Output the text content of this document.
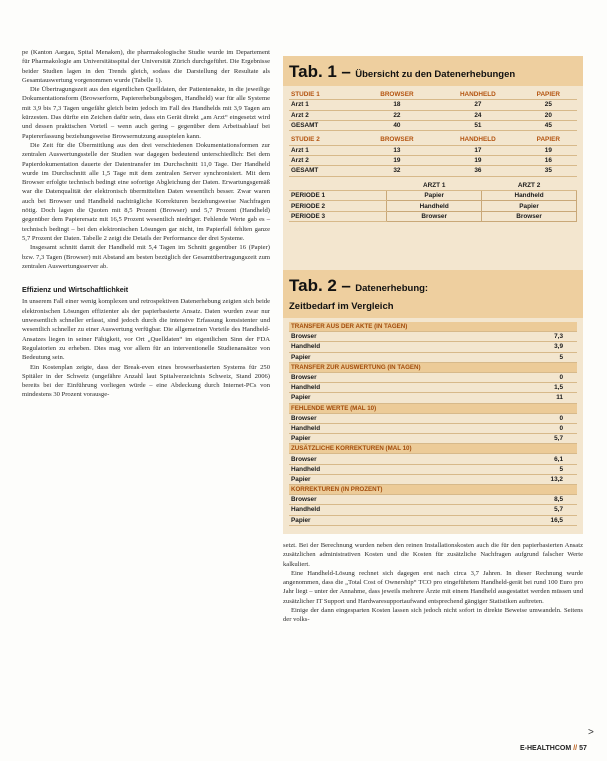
pe (Kanton Aargau, Spital Menaken), die pharmakologische Studie wurde im Departement für Pharmakologie am Universitätsspital der Universität Zürich durchgeführt. Die Ergebnisse beider Studien lagen in den Trends gleich, sodass die Darstellung der Resultate als Gesamtauswertung vorgenommen wurde (Tabelle 1).

Die Übertragungszeit aus den eigentlichen Quelldaten, der Patientenakte, in die jeweilige Dokumentationsform (Browserform, Papiererhebungsbogen, Handheld) war für alle Systeme mit 3,9 bis 7,3 Tagen ungefähr gleich beim jedoch im Fall des Handhelds mit 3,9 Tagen am kürzesten. Das dürfte ein Zeichen dafür sein, dass ein Gerät direkt „am Arzt“ eingesetzt wird und dessen praktischen Vorteil – wenn auch gering – gegenüber dem Arbeitsablauf bei Papiererfassung beziehungsweise Browsernutzung ausspielen kann.

Die Zeit für die Übermittlung aus den drei verschiedenen Dokumentationsformen zur zentralen Auswertungsstelle der Studien war dagegen bedeutend unterschiedlich: Bei dem Papierdokumentation dauerte der Datentransfer im Durchschnitt 11,0 Tage. Der Handheld wurde im Durchschnitt alle 1,5 Tage mit dem zentralen Server synchronisiert. Mit dem Browser erfolgte technisch bedingt eine sofortige Abgleichung der Daten. Erwartungsgemäß war die Datenqualität der elektronisch übermittelten Daten wesentlich besser. Zwar waren auch bei Browser und Handheld nachträgliche Korrekturen beziehungsweise Nachfragen nötig. Doch lagen die Quoten mit 8,5 Prozent (Browser) und 5,7 Prozent (Handheld) gegenüber dem Papierersatz mit 16,5 Prozent wesentlich niedriger. Fehlende Werte gab es – technisch bedingt – bei den elektronischen Lösungen gar nicht, im Papierfall fehlten ganze 5,7 Prozent der Daten. Tabelle 2 zeigt die Details der Performance der drei Systeme.

Insgesamt schnitt damit der Handheld mit 5,4 Tagen im Schnitt gegenüber 16 (Papier) bzw. 7,3 Tagen (Browser) mit Abstand am besten bezüglich der Gesamtübertragungszeit zum zentralen Auswertungsserver ab.

Effizienz und Wirtschaftlichkeit

In unserem Fall einer wenig komplexen und retrospektiven Datenerhebung zeigten sich beide elektronischen Lösungen effizienter als der papierbasierte Ansatz. Daten wurden zwar nur unwesentlich schneller erfasst, sind jedoch durch die intensive Erfassung konsistenter und wesentlich schneller zu einer Auswertung verfügbar. Die allgemeinen Vorteile des Handheld-Ansatzes liegen in seiner Fähigkeit, vor Ort „Quelldaten“ im eigentlichen Sinn der FDA Regulatorien zu erheben. Dies mag vor allem für an interventionelle Studienansätze von Bedeutung sein.

Ein Kostenplan zeigte, dass der Break-even eines browserbasierten Systems für 250 Spitäler in der Schweiz (ungefähre Anzahl laut Spitalverzeichnis Schweiz, Stand 2006) bereits bei der Einführung vorliegen würde – eine Abdeckung durch Internet-PCs von mindestens 30 Prozent vorausge-

Tab. 1 – Übersicht zu den Datenerhebungen
STUDIE 1	BROWSER	HANDHELD	PAPIER
Arzt 1	18	27	25
Arzt 2	22	24	20
GESAMT	40	51	45
STUDIE 2	BROWSER	HANDHELD	PAPIER
Arzt 1	13	17	19
Arzt 2	19	19	16
GESAMT	32	36	35
	ARZT 1	ARZT 2
PERIODE 1	Papier	Handheld
PERIODE 2	Handheld	Papier
PERIODE 3	Browser	Browser
Tab. 2 – Datenerhebung:
Zeitbedarf im Vergleich
TRANSFER AUS DER AKTE (IN TAGEN)	
Browser	7,3
Handheld	3,9
Papier	5
TRANSFER ZUR AUSWERTUNG (IN TAGEN)	
Browser	0
Handheld	1,5
Papier	11
FEHLENDE WERTE (MAL 10)	
Browser	0
Handheld	0
Papier	5,7
ZUSÄTZLICHE KORREKTUREN (MAL 10)	
Browser	6,1
Handheld	5
Papier	13,2
KORREKTUREN (IN PROZENT)	
Browser	8,5
Handheld	5,7
Papier	16,5

setzt. Bei der Berechnung wurden neben den reinen Installationskosten auch die für den papierbasierten Ansatz zusätzlichen administrativen Kosten und die Kosten für zusätzliche Nachfragen aufgrund falscher Werte kalkuliert.

Eine Handheld-Lösung rechnet sich dagegen erst nach circa 3,7 Jahren. In dieser Rechnung wurde angenommen, dass die „Total Cost of Ownership“ TCO pro eingeführtem Handheld-gerät bei rund 100 Euro pro Jahr liegt – unter der Annahme, dass jeweils mehrere Ärzte mit einem Handheld ausgestattet werden müssen und zusätzlicher IT Support und Hardwaresupportaufwand entsprechend gängiger Statistiken auftreten.

Einige der dann eingesparten Kosten lassen sich jedoch nicht sofort in direkte Beweise umwandeln. Seitens der volks-

>
E-HEALTHCOM // 57
